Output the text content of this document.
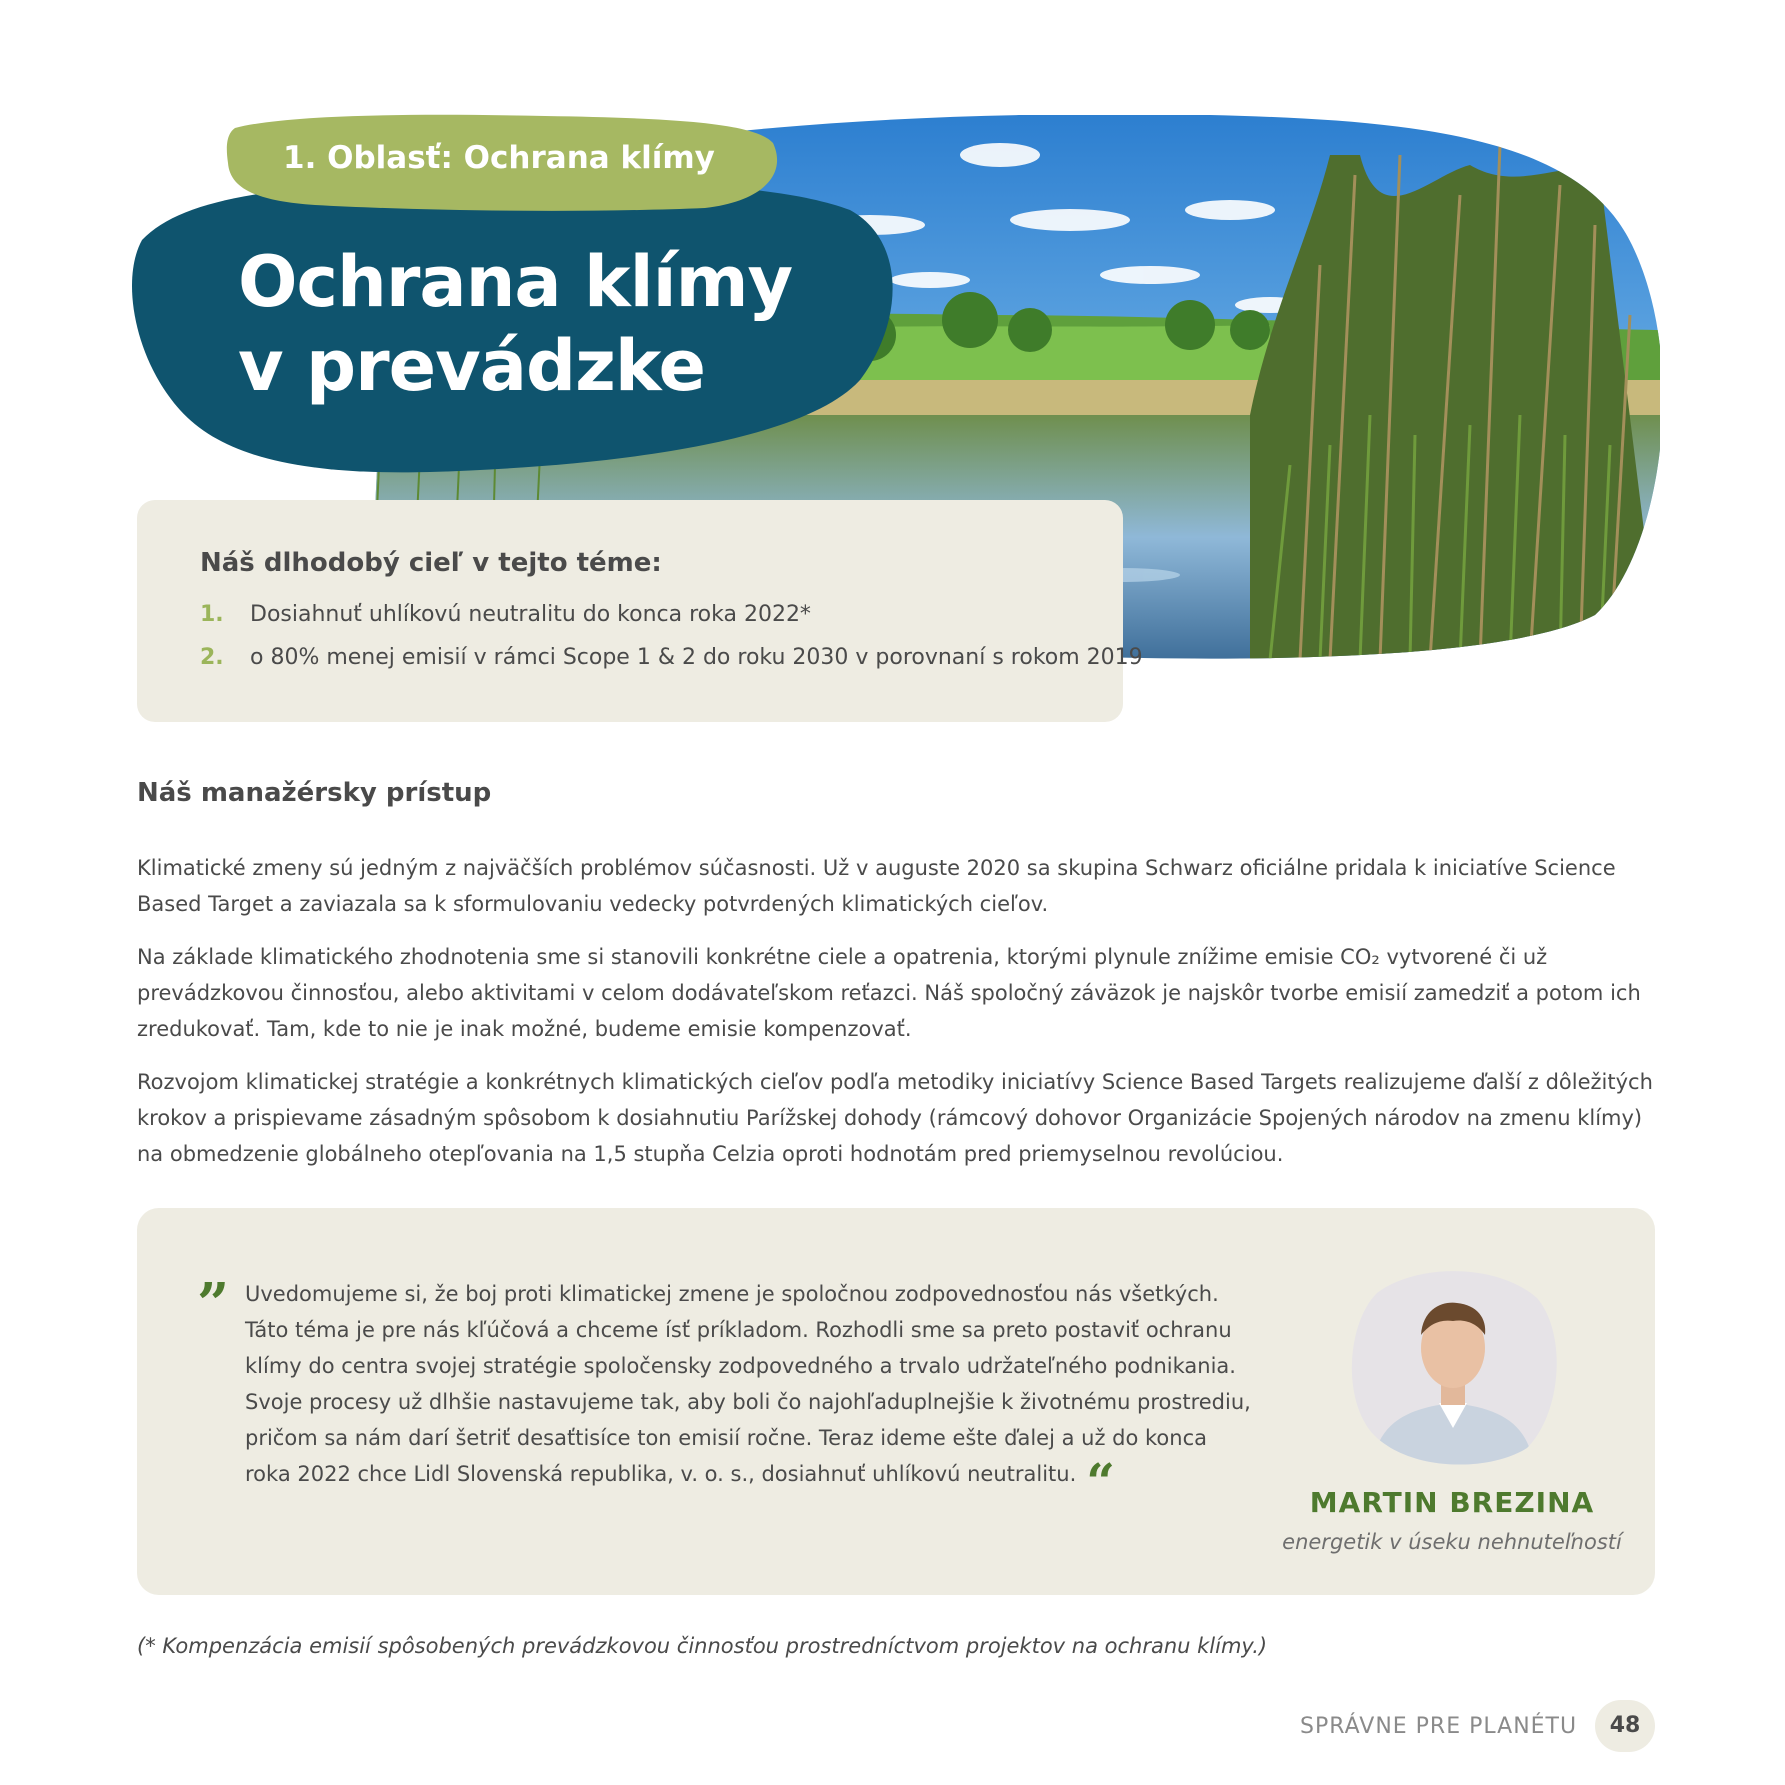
1. Oblasť: Ochrana klímy
Ochrana klímy
v prevádzke
Náš dlhodobý cieľ v tejto téme:
1. Dosiahnuť uhlíkovú neutralitu do konca roka 2022*
2. o 80% menej emisií v rámci Scope 1 & 2 do roku 2030 v porovnaní s rokom 2019
Náš manažérsky prístup

Klimatické zmeny sú jedným z najväčších problémov súčasnosti. Už v auguste 2020 sa skupina Schwarz oficiálne pridala k iniciatíve Science Based Target a zaviazala sa k sformulovaniu vedecky potvrdených klimatických cieľov.

Na základe klimatického zhodnotenia sme si stanovili konkrétne ciele a opatrenia, ktorými plynule znížime emisie CO₂ vytvorené či už prevádzkovou činnosťou, alebo aktivitami v celom dodávateľskom reťazci. Náš spoločný záväzok je najskôr tvorbe emisií zamedziť a potom ich zredukovať. Tam, kde to nie je inak možné, budeme emisie kompenzovať.

Rozvojom klimatickej stratégie a konkrétnych klimatických cieľov podľa metodiky iniciatívy Science Based Targets realizujeme ďalší z dôležitých krokov a prispievame zásadným spôsobom k dosiahnutiu Parížskej dohody (rámcový dohovor Organizácie Spojených národov na zmenu klímy) na obmedzenie globálneho otepľovania na 1,5 stupňa Celzia oproti hodnotám pred priemyselnou revolúciou.

” Uvedomujeme si, že boj proti klimatickej zmene je spoločnou zodpovednosťou nás všetkých. Táto téma je pre nás kľúčová a chceme ísť príkladom. Rozhodli sme sa preto postaviť ochranu klímy do centra svojej stratégie spoločensky zodpovedného a trvalo udržateľného podnikania. Svoje procesy už dlhšie nastavujeme tak, aby boli čo najohľaduplnejšie k životnému prostrediu, pričom sa nám darí šetriť desaťtisíce ton emisií ročne. Teraz ideme ešte ďalej a už do konca roka 2022 chce Lidl Slovenská republika, v. o. s., dosiahnuť uhlíkovú neutralitu. “	MARTIN BREZINA
energetik v úseku nehnuteľností

(* Kompenzácia emisií spôsobených prevádzkovou činnosťou prostredníctvom projektov na ochranu klímy.)

SPRÁVNE PRE PLANÉTU	48
